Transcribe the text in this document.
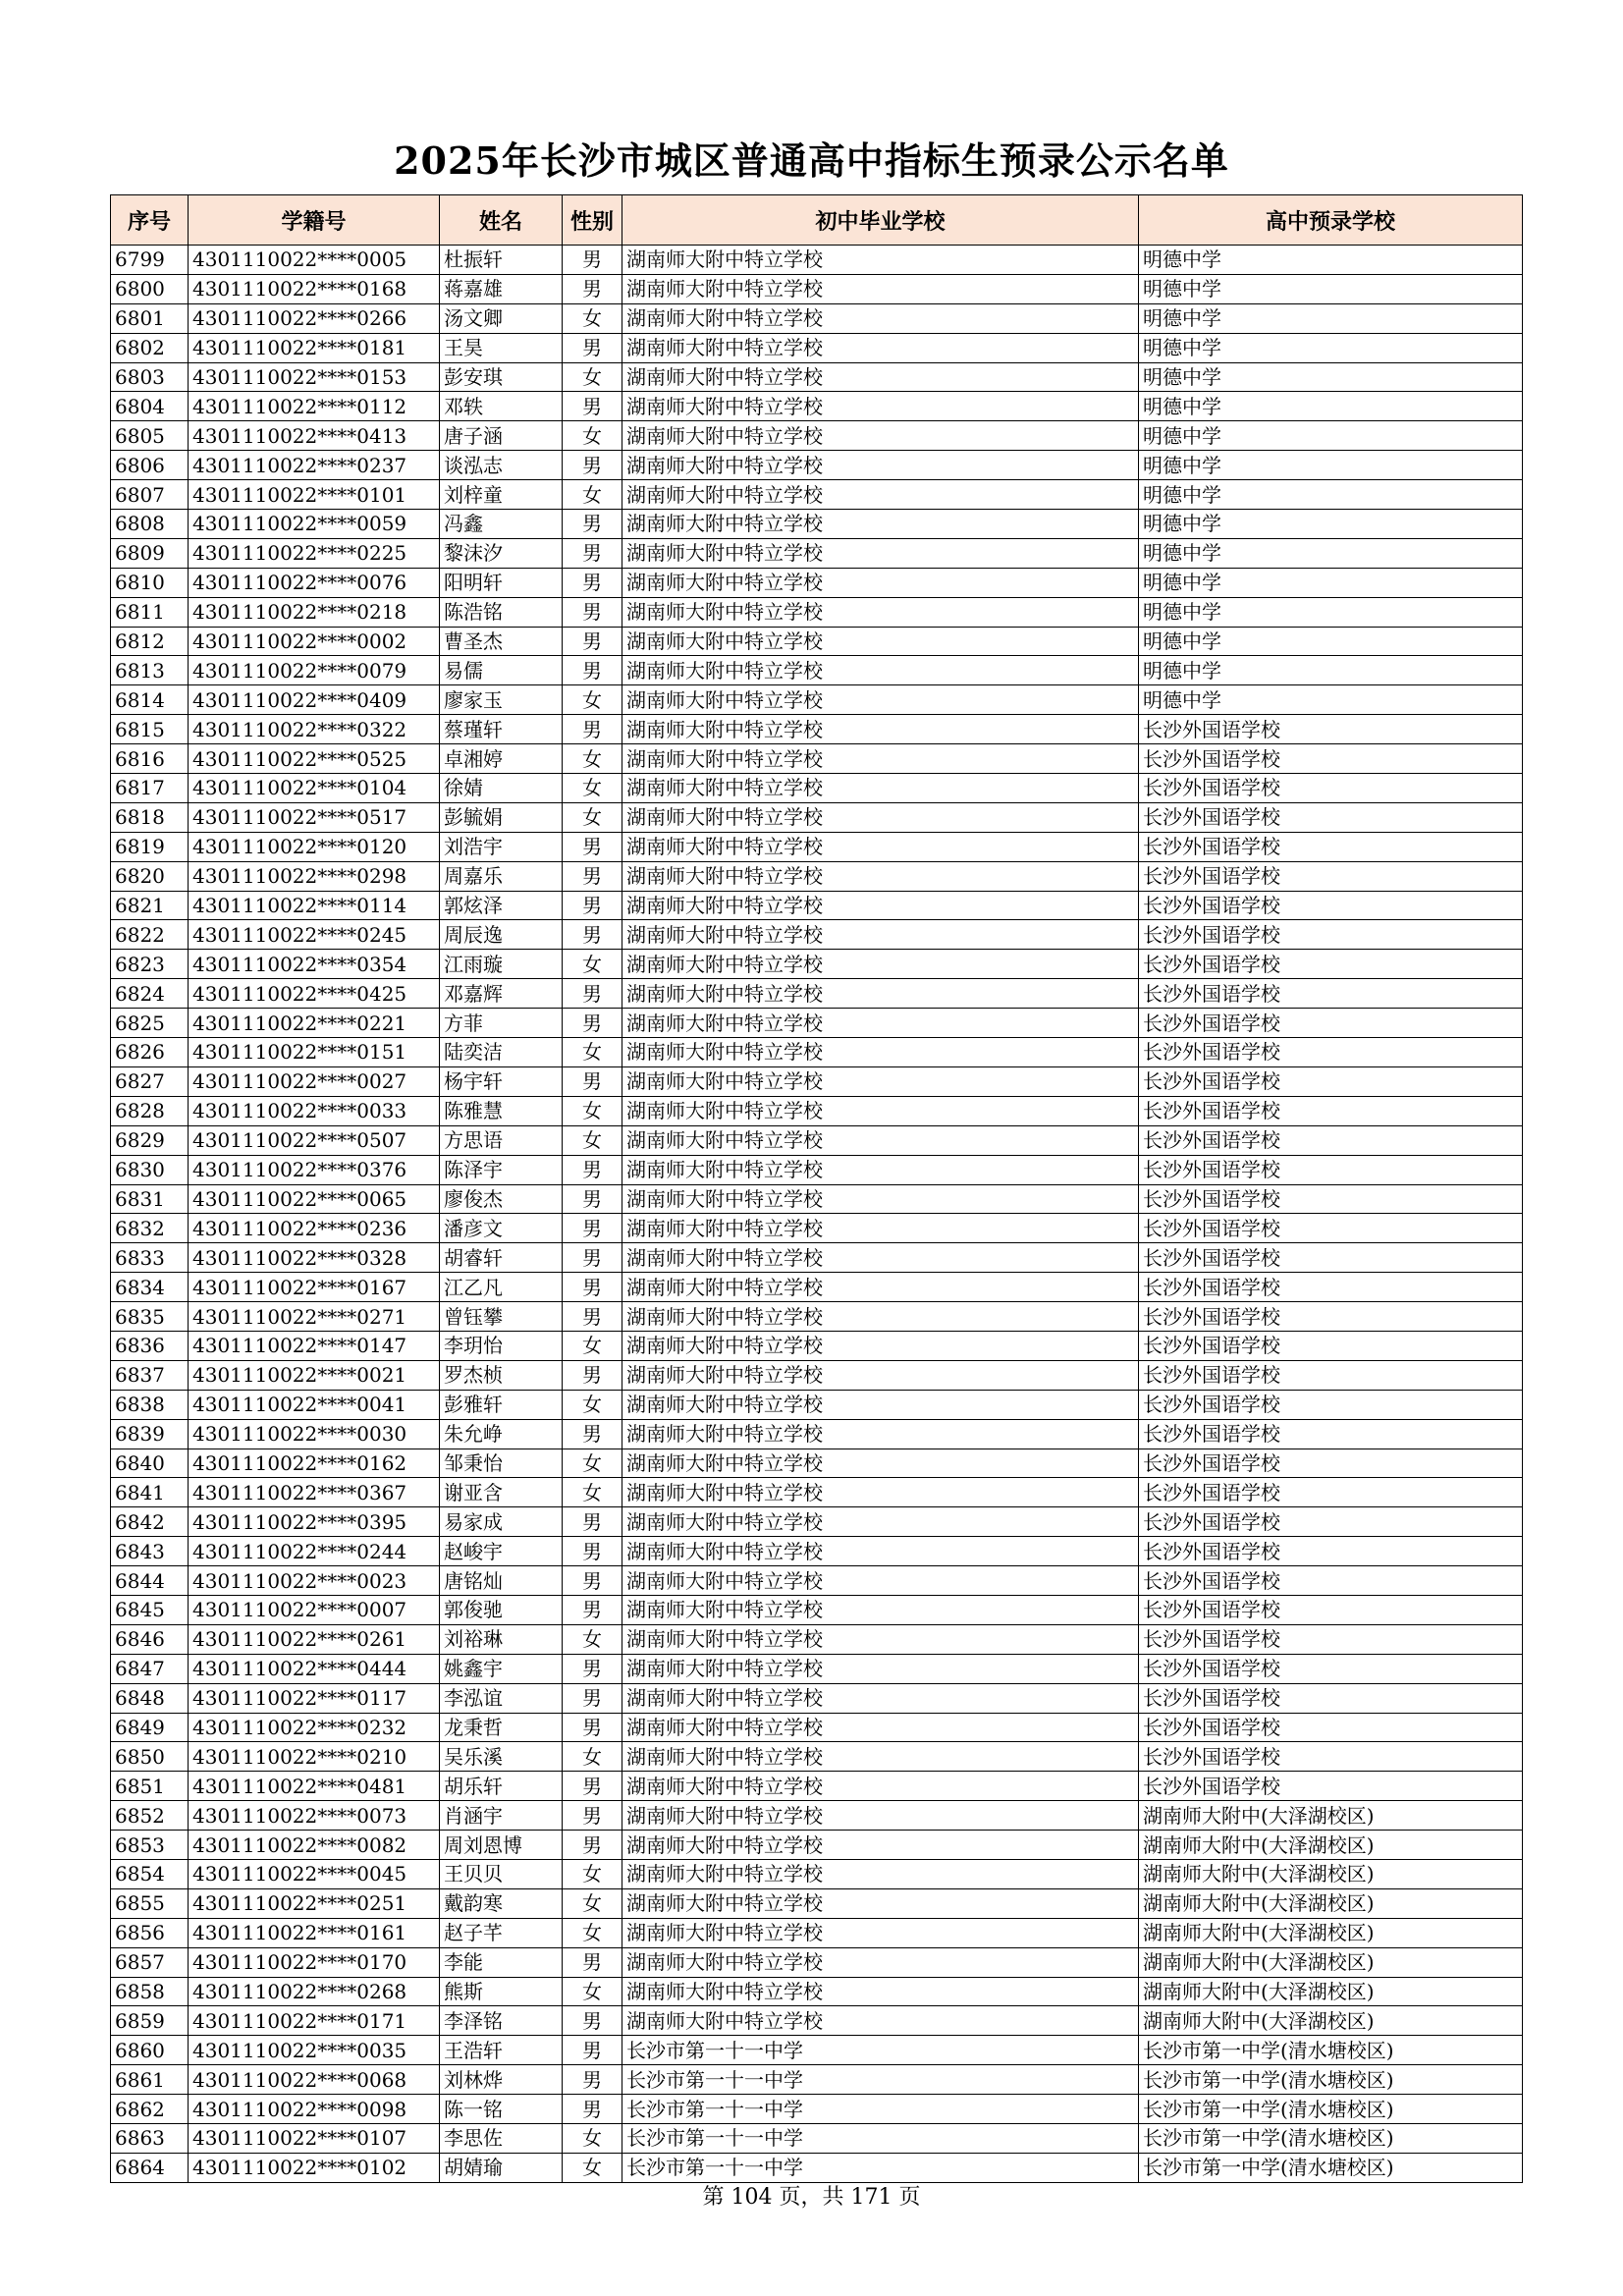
2025年长沙市城区普通高中指标生预录公示名单
序号	学籍号	姓名	性别	初中毕业学校	高中预录学校
6799	4301110022****0005	杜振轩	男	湖南师大附中特立学校	明德中学
6800	4301110022****0168	蒋嘉雄	男	湖南师大附中特立学校	明德中学
6801	4301110022****0266	汤文卿	女	湖南师大附中特立学校	明德中学
6802	4301110022****0181	王昊	男	湖南师大附中特立学校	明德中学
6803	4301110022****0153	彭安琪	女	湖南师大附中特立学校	明德中学
6804	4301110022****0112	邓轶	男	湖南师大附中特立学校	明德中学
6805	4301110022****0413	唐子涵	女	湖南师大附中特立学校	明德中学
6806	4301110022****0237	谈泓志	男	湖南师大附中特立学校	明德中学
6807	4301110022****0101	刘梓童	女	湖南师大附中特立学校	明德中学
6808	4301110022****0059	冯鑫	男	湖南师大附中特立学校	明德中学
6809	4301110022****0225	黎沫汐	男	湖南师大附中特立学校	明德中学
6810	4301110022****0076	阳明轩	男	湖南师大附中特立学校	明德中学
6811	4301110022****0218	陈浩铭	男	湖南师大附中特立学校	明德中学
6812	4301110022****0002	曹圣杰	男	湖南师大附中特立学校	明德中学
6813	4301110022****0079	易儒	男	湖南师大附中特立学校	明德中学
6814	4301110022****0409	廖家玉	女	湖南师大附中特立学校	明德中学
6815	4301110022****0322	蔡瑾轩	男	湖南师大附中特立学校	长沙外国语学校
6816	4301110022****0525	卓湘婷	女	湖南师大附中特立学校	长沙外国语学校
6817	4301110022****0104	徐婧	女	湖南师大附中特立学校	长沙外国语学校
6818	4301110022****0517	彭毓娟	女	湖南师大附中特立学校	长沙外国语学校
6819	4301110022****0120	刘浩宇	男	湖南师大附中特立学校	长沙外国语学校
6820	4301110022****0298	周嘉乐	男	湖南师大附中特立学校	长沙外国语学校
6821	4301110022****0114	郭炫泽	男	湖南师大附中特立学校	长沙外国语学校
6822	4301110022****0245	周辰逸	男	湖南师大附中特立学校	长沙外国语学校
6823	4301110022****0354	江雨璇	女	湖南师大附中特立学校	长沙外国语学校
6824	4301110022****0425	邓嘉辉	男	湖南师大附中特立学校	长沙外国语学校
6825	4301110022****0221	方菲	男	湖南师大附中特立学校	长沙外国语学校
6826	4301110022****0151	陆奕洁	女	湖南师大附中特立学校	长沙外国语学校
6827	4301110022****0027	杨宇轩	男	湖南师大附中特立学校	长沙外国语学校
6828	4301110022****0033	陈雅慧	女	湖南师大附中特立学校	长沙外国语学校
6829	4301110022****0507	方思语	女	湖南师大附中特立学校	长沙外国语学校
6830	4301110022****0376	陈泽宇	男	湖南师大附中特立学校	长沙外国语学校
6831	4301110022****0065	廖俊杰	男	湖南师大附中特立学校	长沙外国语学校
6832	4301110022****0236	潘彦文	男	湖南师大附中特立学校	长沙外国语学校
6833	4301110022****0328	胡睿轩	男	湖南师大附中特立学校	长沙外国语学校
6834	4301110022****0167	江乙凡	男	湖南师大附中特立学校	长沙外国语学校
6835	4301110022****0271	曾钰攀	男	湖南师大附中特立学校	长沙外国语学校
6836	4301110022****0147	李玥怡	女	湖南师大附中特立学校	长沙外国语学校
6837	4301110022****0021	罗杰桢	男	湖南师大附中特立学校	长沙外国语学校
6838	4301110022****0041	彭雅轩	女	湖南师大附中特立学校	长沙外国语学校
6839	4301110022****0030	朱允峥	男	湖南师大附中特立学校	长沙外国语学校
6840	4301110022****0162	邹秉怡	女	湖南师大附中特立学校	长沙外国语学校
6841	4301110022****0367	谢亚含	女	湖南师大附中特立学校	长沙外国语学校
6842	4301110022****0395	易家成	男	湖南师大附中特立学校	长沙外国语学校
6843	4301110022****0244	赵峻宇	男	湖南师大附中特立学校	长沙外国语学校
6844	4301110022****0023	唐铭灿	男	湖南师大附中特立学校	长沙外国语学校
6845	4301110022****0007	郭俊驰	男	湖南师大附中特立学校	长沙外国语学校
6846	4301110022****0261	刘裕琳	女	湖南师大附中特立学校	长沙外国语学校
6847	4301110022****0444	姚鑫宇	男	湖南师大附中特立学校	长沙外国语学校
6848	4301110022****0117	李泓谊	男	湖南师大附中特立学校	长沙外国语学校
6849	4301110022****0232	龙秉哲	男	湖南师大附中特立学校	长沙外国语学校
6850	4301110022****0210	吴乐溪	女	湖南师大附中特立学校	长沙外国语学校
6851	4301110022****0481	胡乐轩	男	湖南师大附中特立学校	长沙外国语学校
6852	4301110022****0073	肖涵宇	男	湖南师大附中特立学校	湖南师大附中(大泽湖校区)
6853	4301110022****0082	周刘恩博	男	湖南师大附中特立学校	湖南师大附中(大泽湖校区)
6854	4301110022****0045	王贝贝	女	湖南师大附中特立学校	湖南师大附中(大泽湖校区)
6855	4301110022****0251	戴韵寒	女	湖南师大附中特立学校	湖南师大附中(大泽湖校区)
6856	4301110022****0161	赵子芊	女	湖南师大附中特立学校	湖南师大附中(大泽湖校区)
6857	4301110022****0170	李能	男	湖南师大附中特立学校	湖南师大附中(大泽湖校区)
6858	4301110022****0268	熊斯	女	湖南师大附中特立学校	湖南师大附中(大泽湖校区)
6859	4301110022****0171	李泽铭	男	湖南师大附中特立学校	湖南师大附中(大泽湖校区)
6860	4301110022****0035	王浩轩	男	长沙市第一十一中学	长沙市第一中学(清水塘校区)
6861	4301110022****0068	刘林烨	男	长沙市第一十一中学	长沙市第一中学(清水塘校区)
6862	4301110022****0098	陈一铭	男	长沙市第一十一中学	长沙市第一中学(清水塘校区)
6863	4301110022****0107	李思佐	女	长沙市第一十一中学	长沙市第一中学(清水塘校区)
6864	4301110022****0102	胡婧瑜	女	长沙市第一十一中学	长沙市第一中学(清水塘校区)
第 104 页，共 171 页
